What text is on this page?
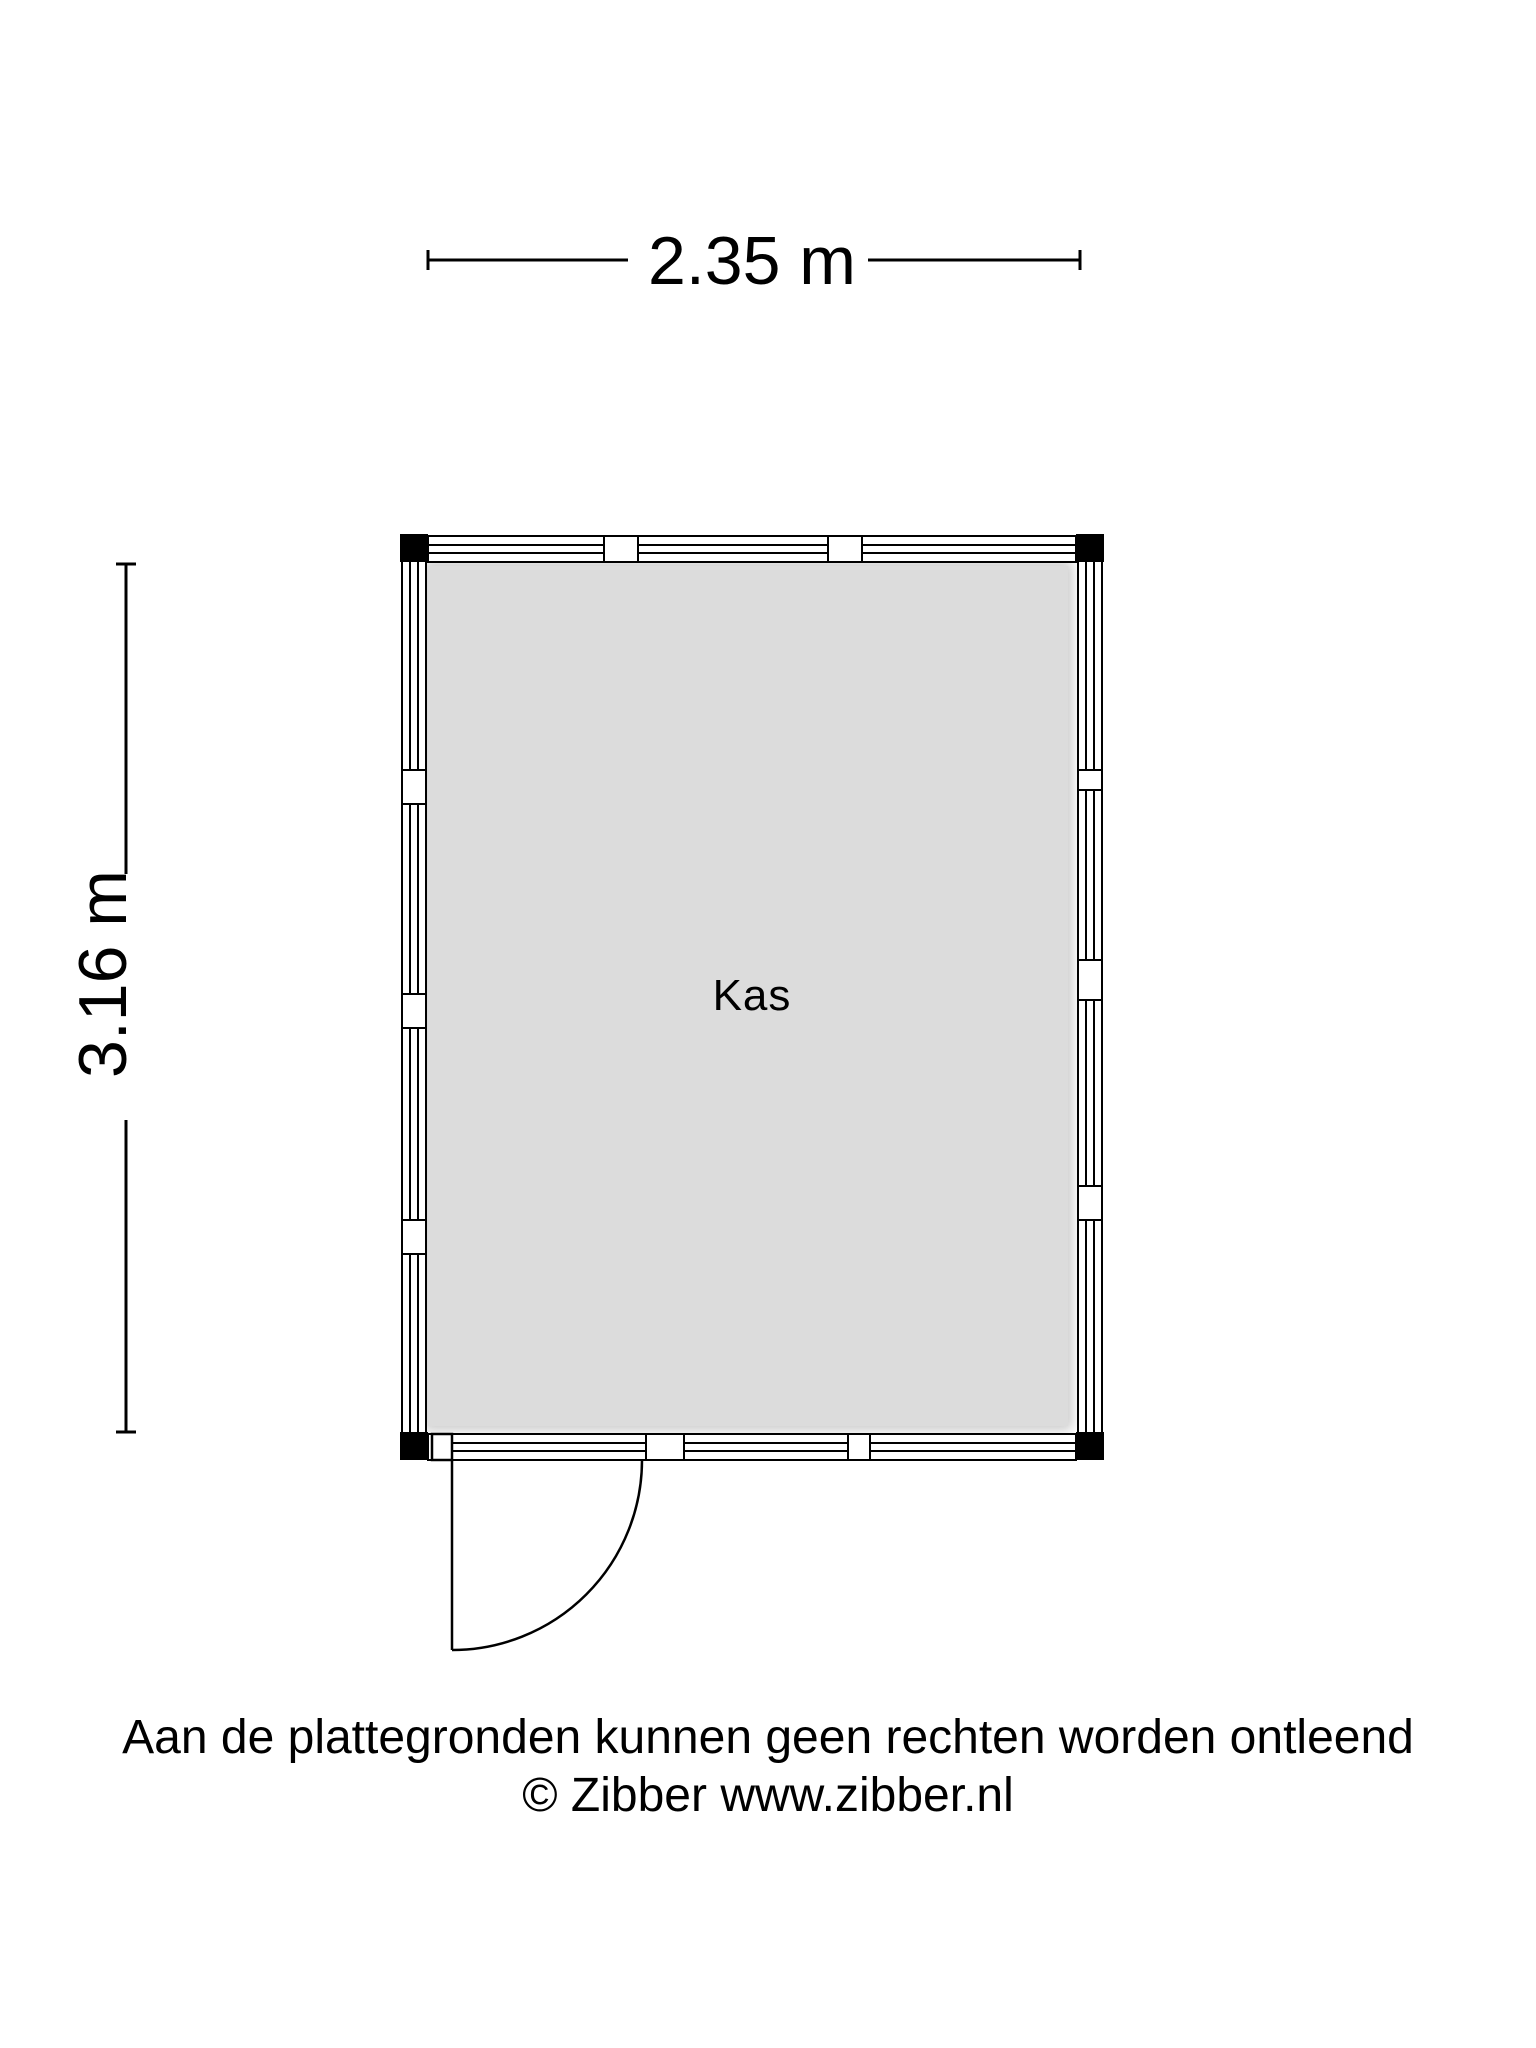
2.35 m
3.16 m	Kas
Aan de plattegronden kunnen geen rechten worden ontleend
© Zibber www.zibber.nl
